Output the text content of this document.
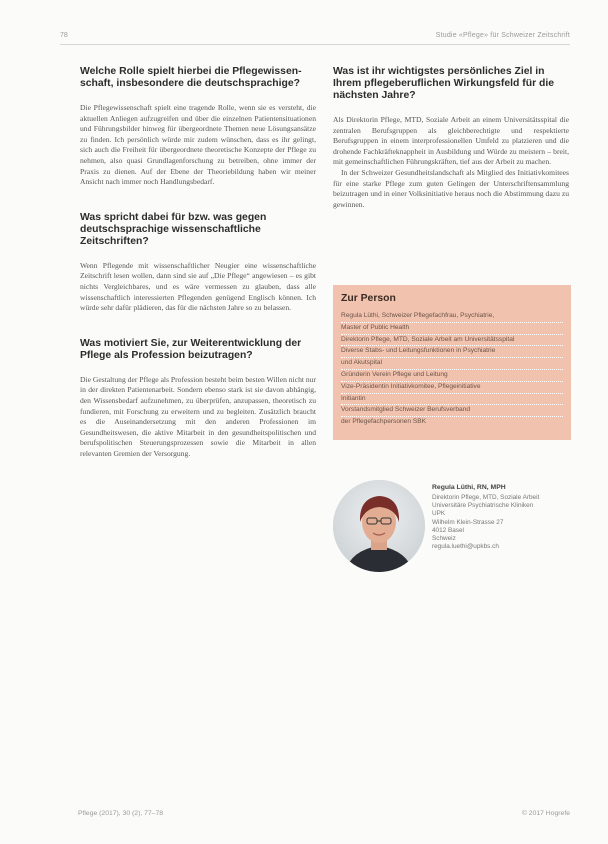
78	Studie «Pflege» für Schweizer Zeitschrift
Welche Rolle spielt hierbei die Pflegewissenschaft, insbesondere die deutschsprachige?

Die Pflegewissenschaft spielt eine tragende Rolle, wenn sie es versteht, die aktuellen Anliegen aufzugreifen und über die einzelnen Patientensituationen und Führungsbilder hinweg für übergeordnete Themen neue Lösungsansätze zu finden. Ich persönlich würde mir zudem wünschen, dass es ihr gelingt, sich auch die Freiheit für übergeordnete theoretische Konzepte der Pflege zu nehmen, also quasi Grundlagenforschung zu betreiben, ohne immer der Praxis zu dienen. Auf der Ebene der Theoriebildung haben wir meiner Ansicht nach immer noch Handlungsbedarf.

Was spricht dabei für bzw. was gegen deutschsprachige wissenschaftliche Zeitschriften?

Wenn Pflegende mit wissenschaftlicher Neugier eine wissenschaftliche Zeitschrift lesen wollen, dann sind sie auf „Die Pflege“ angewiesen – es gibt nichts Vergleichbares, und es wäre vermessen zu glauben, dass alle wissenschaftlich interessierten Pflegenden genügend Englisch können. Ich würde sehr dafür plädieren, das für die nächsten Jahre so zu belassen.

Was motiviert Sie, zur Weiterentwicklung der Pflege als Profession beizutragen?

Die Gestaltung der Pflege als Profession besteht beim besten Willen nicht nur in der direkten Patientenarbeit. Sondern ebenso stark ist sie davon abhängig, den Wissensbedarf aufzunehmen, zu überprüfen, anzupassen, theoretisch zu fundieren, mit Forschung zu erweitern und zu begleiten. Zusätzlich braucht es die Auseinandersetzung mit den anderen Professionen im Gesundheitswesen, die aktive Mitarbeit in den gesundheitspolitischen und berufspolitischen Steuerungsprozessen sowie die Mitarbeit in allen relevanten Gremien der Versorgung.

Was ist ihr wichtigstes persönliches Ziel in Ihrem pflegeberuflichen Wirkungsfeld für die nächsten Jahre?

Als Direktorin Pflege, MTD, Soziale Arbeit an einem Universitätsspital die zentralen Berufsgruppen als gleichberechtigte und respektierte Berufsgruppen in einem interprofessionellen Umfeld zu platzieren und die drohende Fachkräfteknappheit in Ausbildung und Würde zu meistern – breit, mit gemeinschaftlichen Führungskräften, tief aus der Arbeit zu machen.

In der Schweizer Gesundheitslandschaft als Mitglied des Initiativkomitees für eine starke Pflege zum guten Gelingen der Unterschriftensammlung beizutragen und in einer Volksinitiative heraus noch die Abstimmung dazu zu gewinnen.

Zur Person
Regula Lüthi, Schweizer Pflegefachfrau, Psychiatrie,
Master of Public Health
Direktorin Pflege, MTD, Soziale Arbeit am Universitätsspital
Diverse Stabs- und Leitungsfunktionen in Psychiatrie
und Akutspital
Gründerin Verein Pflege und Leitung
Vize-Präsidentin Initiativkomitee, Pflegeinitiative
Initiantin
Vorstandsmitglied Schweizer Berufsverband
der Pflegefachpersonen SBK
Regula Lüthi, RN, MPH
Direktorin Pflege, MTD, Soziale Arbeit
Universitäre Psychiatrische Kliniken
UPK
Wilhelm Klein-Strasse 27
4012 Basel
Schweiz
regula.luethi@upkbs.ch
Pflege (2017), 30 (2), 77–78	© 2017 Hogrefe
